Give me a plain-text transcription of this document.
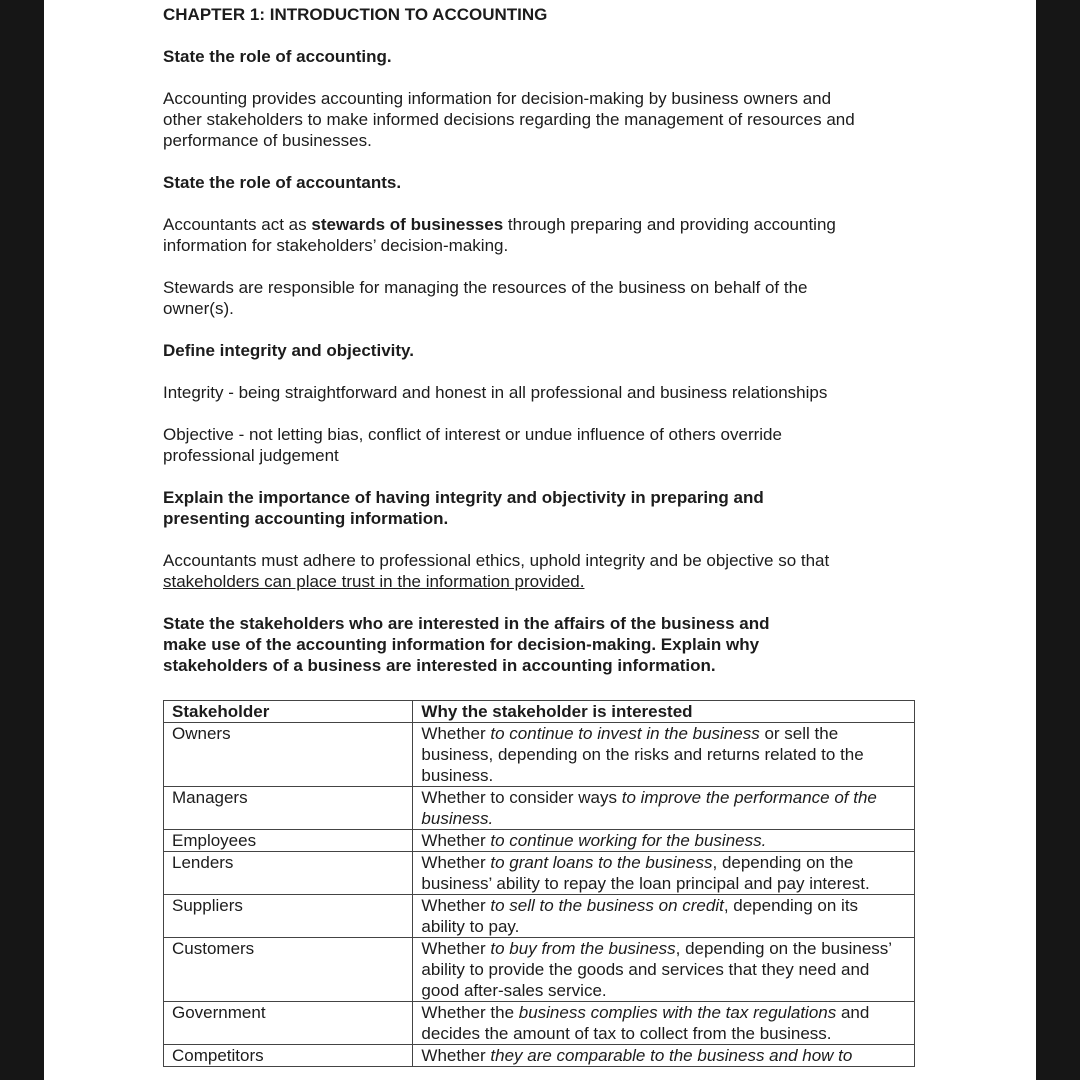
CHAPTER 1: INTRODUCTION TO ACCOUNTING
State the role of accounting.
Accounting provides accounting information for decision-making by business owners and
other stakeholders to make informed decisions regarding the management of resources and
performance of businesses.
State the role of accountants.
Accountants act as stewards of businesses through preparing and providing accounting
information for stakeholders’ decision-making.
Stewards are responsible for managing the resources of the business on behalf of the
owner(s).
Define integrity and objectivity.
Integrity - being straightforward and honest in all professional and business relationships
Objective - not letting bias, conflict of interest or undue influence of others override
professional judgement
Explain the importance of having integrity and objectivity in preparing and
presenting accounting information.
Accountants must adhere to professional ethics, uphold integrity and be objective so that
stakeholders can place trust in the information provided.
State the stakeholders who are interested in the affairs of the business and
make use of the accounting information for decision-making. Explain why
stakeholders of a business are interested in accounting information.
Stakeholder	Why the stakeholder is interested
Owners	Whether to continue to invest in the business or sell the business, depending on the risks and returns related to the business.
Managers	Whether to consider ways to improve the performance of the business.
Employees	Whether to continue working for the business.
Lenders	Whether to grant loans to the business, depending on the business’ ability to repay the loan principal and pay interest.
Suppliers	Whether to sell to the business on credit, depending on its ability to pay.
Customers	Whether to buy from the business, depending on the business’ ability to provide the goods and services that they need and good after-sales service.
Government	Whether the business complies with the tax regulations and decides the amount of tax to collect from the business.
Competitors	Whether they are comparable to the business and how to
